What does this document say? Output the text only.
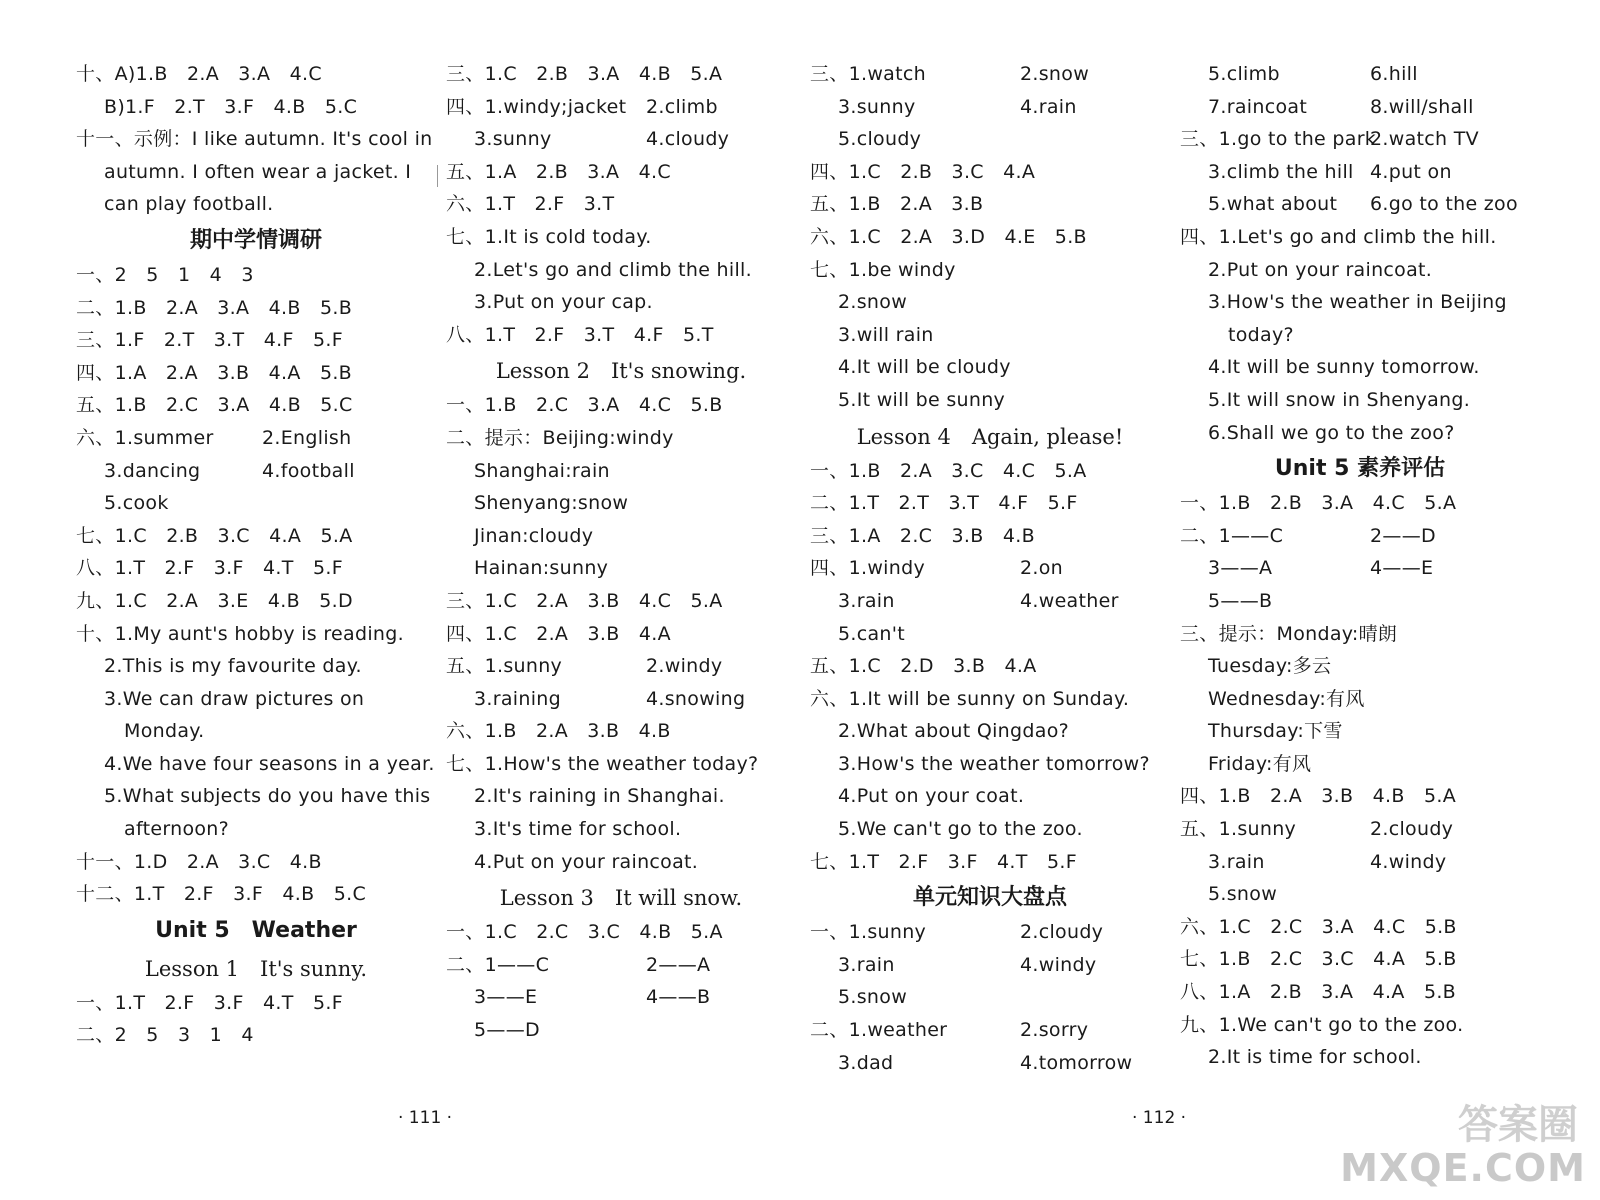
十、A)1.B　2.A　3.A　4.C
B)1.F　2.T　3.F　4.B　5.C
十一、示例：I like autumn. It's cool in
autumn. I often wear a jacket. I
can play football.
期中学情调研
一、2　5　1　4　3
二、1.B　2.A　3.A　4.B　5.B
三、1.F　2.T　3.T　4.F　5.F
四、1.A　2.A　3.B　4.A　5.B
五、1.B　2.C　3.A　4.B　5.C
六、1.summer	2.English
3.dancing	4.football
5.cook
七、1.C　2.B　3.C　4.A　5.A
八、1.T　2.F　3.F　4.T　5.F
九、1.C　2.A　3.E　4.B　5.D
十、1.My aunt's hobby is reading.
2.This is my favourite day.
3.We can draw pictures on
Monday.
4.We have four seasons in a year.
5.What subjects do you have this
afternoon?
十一、1.D　2.A　3.C　4.B
十二、1.T　2.F　3.F　4.B　5.C
Unit 5　Weather
Lesson 1　It's sunny.
一、1.T　2.F　3.F　4.T　5.F
二、2　5　3　1　4
三、1.C　2.B　3.A　4.B　5.A
四、1.windy;jacket 2.climb
3.sunny	4.cloudy
五、1.A　2.B　3.A　4.C
六、1.T　2.F　3.T
七、1.It is cold today.
2.Let's go and climb the hill.
3.Put on your cap.
八、1.T　2.F　3.T　4.F　5.T
Lesson 2　It's snowing.
一、1.B　2.C　3.A　4.C　5.B
二、提示：Beijing:windy
Shanghai:rain
Shenyang:snow
Jinan:cloudy
Hainan:sunny
三、1.C　2.A　3.B　4.C　5.A
四、1.C　2.A　3.B　4.A
五、1.sunny	2.windy
3.raining	4.snowing
六、1.B　2.A　3.B　4.B
七、1.How's the weather today?
2.It's raining in Shanghai.
3.It's time for school.
4.Put on your raincoat.
Lesson 3　It will snow.
一、1.C　2.C　3.C　4.B　5.A
二、1——C	2——A
3——E	4——B
5——D
三、1.watch	2.snow
3.sunny	4.rain
5.cloudy
四、1.C　2.B　3.C　4.A
五、1.B　2.A　3.B
六、1.C　2.A　3.D　4.E　5.B
七、1.be windy
2.snow
3.will rain
4.It will be cloudy
5.It will be sunny
Lesson 4　Again, please!
一、1.B　2.A　3.C　4.C　5.A
二、1.T　2.T　3.T　4.F　5.F
三、1.A　2.C　3.B　4.B
四、1.windy	2.on
3.rain	4.weather
5.can't
五、1.C　2.D　3.B　4.A
六、1.It will be sunny on Sunday.
2.What about Qingdao?
3.How's the weather tomorrow?
4.Put on your coat.
5.We can't go to the zoo.
七、1.T　2.F　3.F　4.T　5.F
单元知识大盘点
一、1.sunny	2.cloudy
3.rain	4.windy
5.snow
二、1.weather	2.sorry
3.dad	4.tomorrow
5.climb	6.hill
7.raincoat	8.will/shall
三、1.go to the park2.watch TV
3.climb the hill 4.put on
5.what about 6.go to the zoo
四、1.Let's go and climb the hill.
2.Put on your raincoat.
3.How's the weather in Beijing
today?
4.It will be sunny tomorrow.
5.It will snow in Shenyang.
6.Shall we go to the zoo?
Unit 5 素养评估
一、1.B　2.B　3.A　4.C　5.A
二、1——C	2——D
3——A	4——E
5——B
三、提示：Monday:晴朗
Tuesday:多云
Wednesday:有风
Thursday:下雪
Friday:有风
四、1.B　2.A　3.B　4.B　5.A
五、1.sunny	2.cloudy
3.rain	4.windy
5.snow
六、1.C　2.C　3.A　4.C　5.B
七、1.B　2.C　3.C　4.A　5.B
八、1.A　2.B　3.A　4.A　5.B
九、1.We can't go to the zoo.
2.It is time for school.
· 111 ·	· 112 ·	答案圈
MXQE.COM
